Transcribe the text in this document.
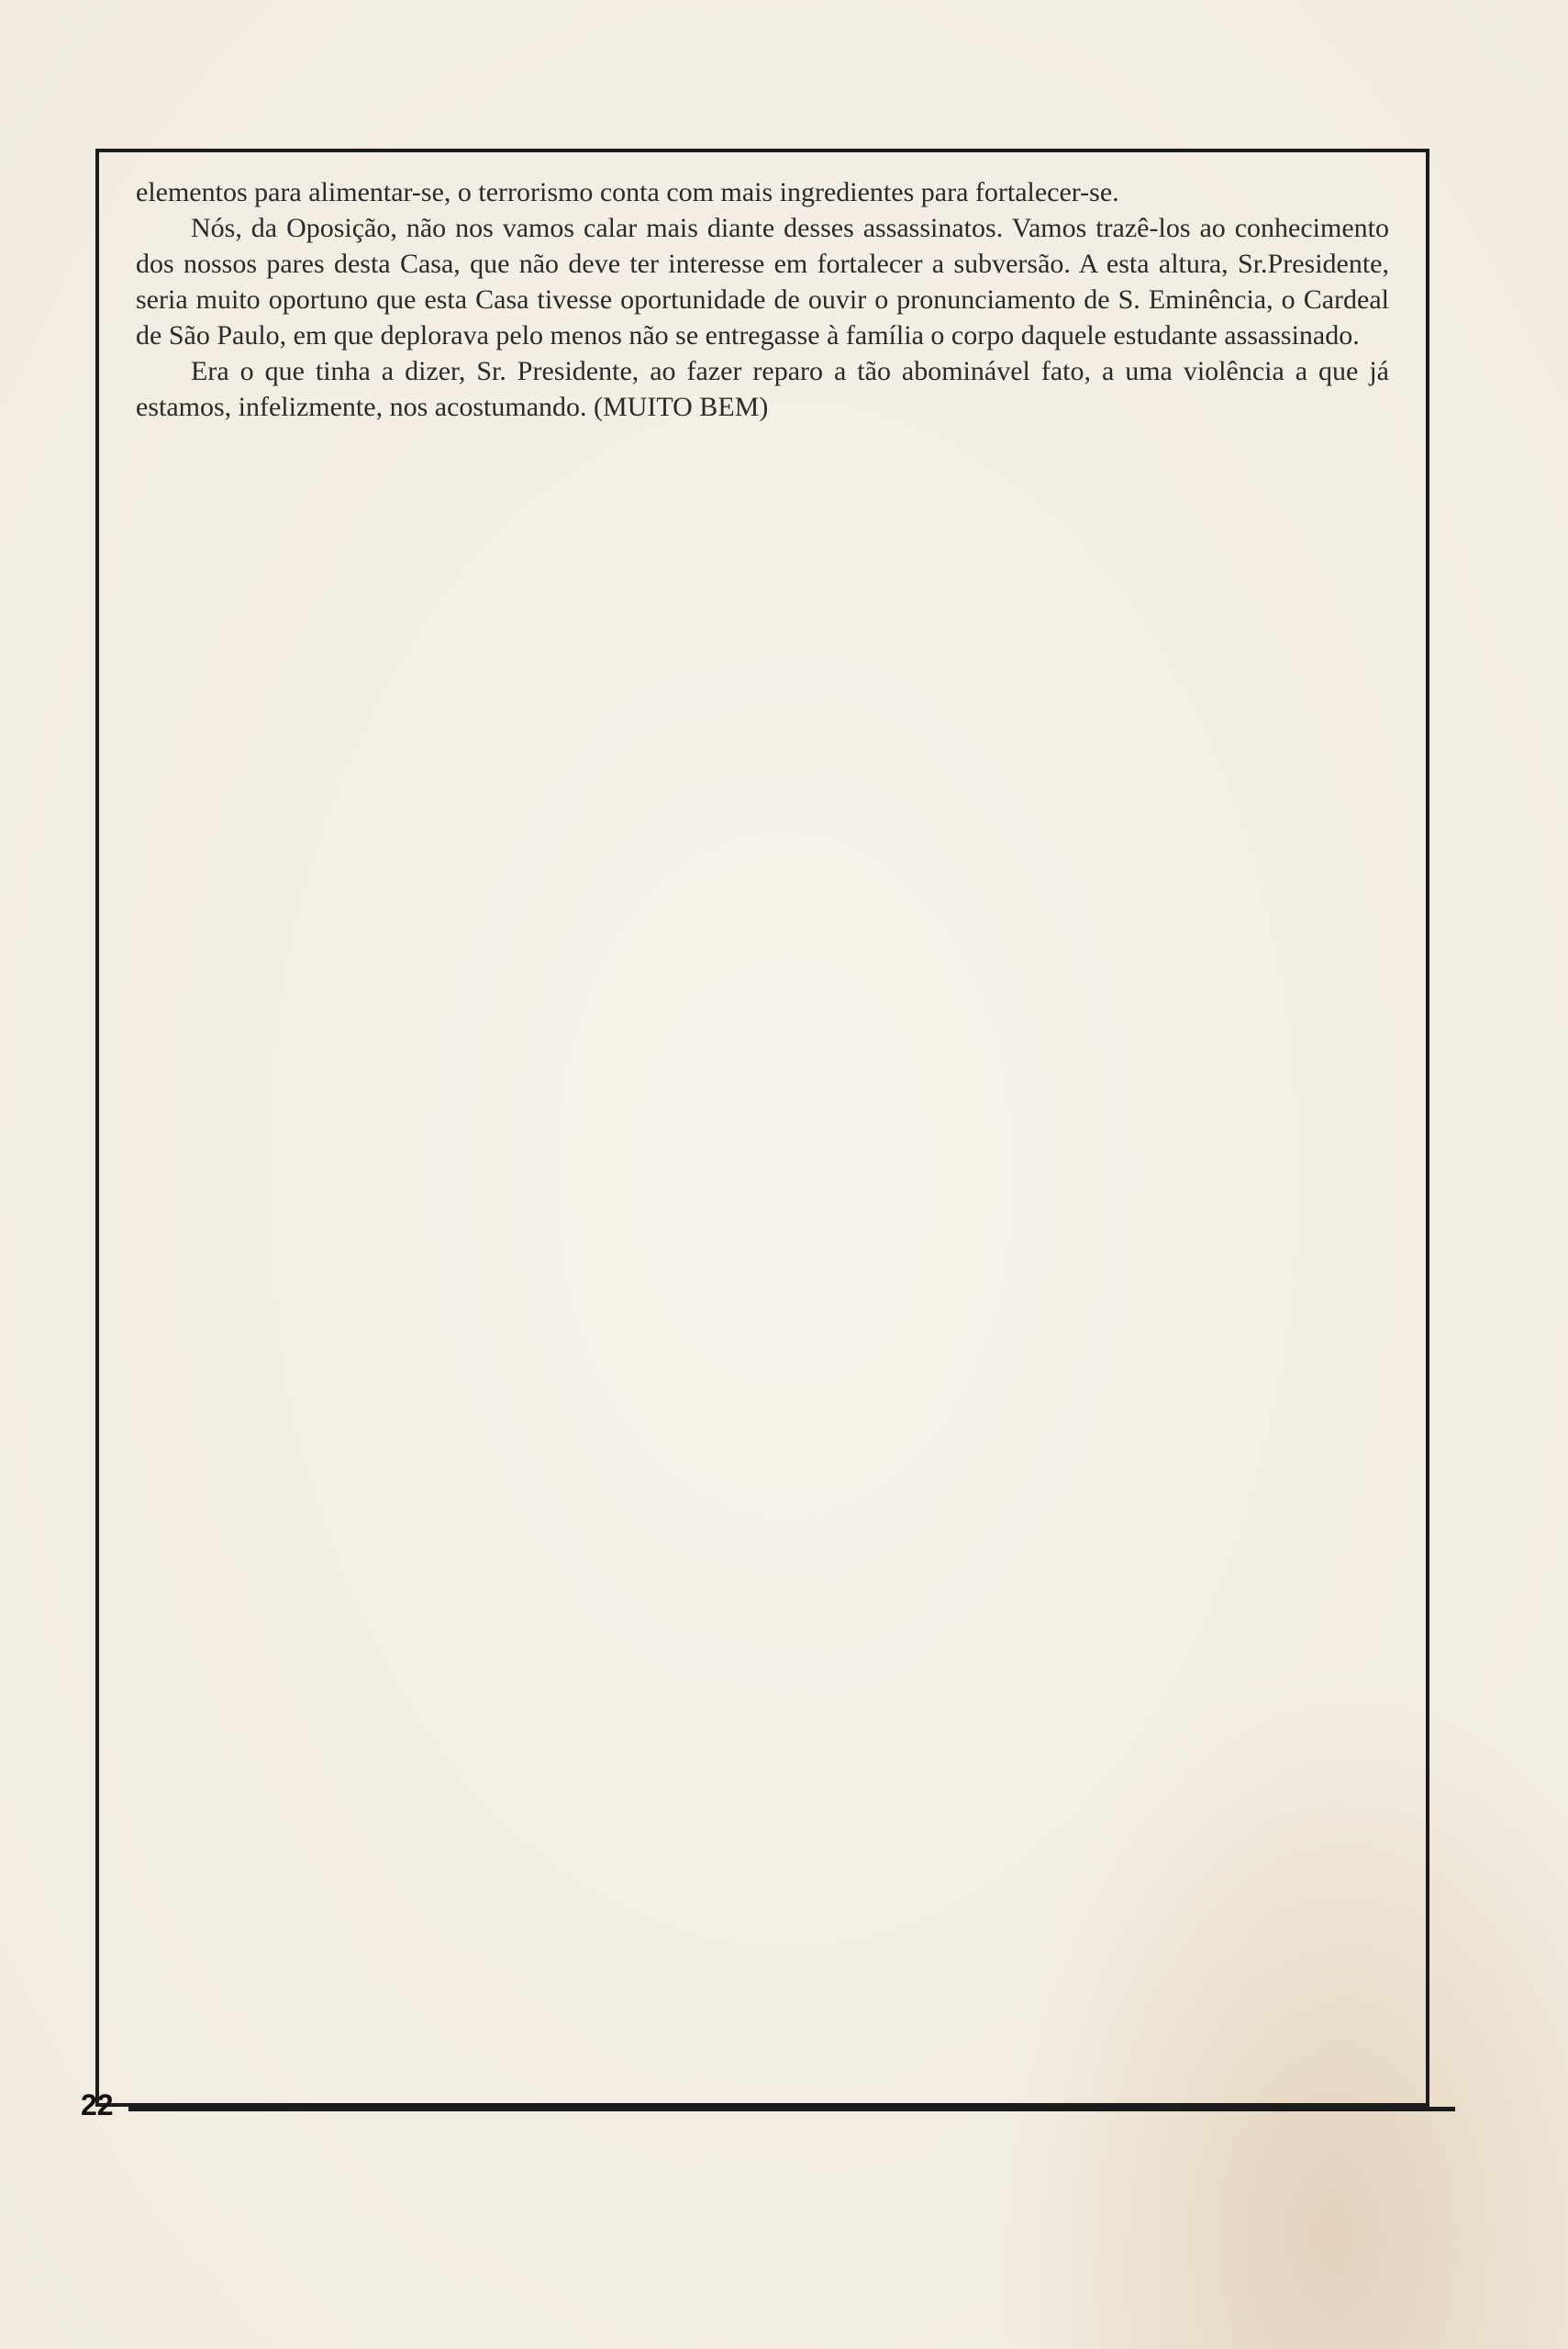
22

elementos para alimentar-se, o terrorismo conta com mais ingredientes para fortalecer-se.

Nós, da Oposição, não nos vamos calar mais diante desses assassinatos. Vamos trazê-los ao conhecimento dos nossos pares desta Casa, que não deve ter interesse em fortalecer a subversão. A esta altura, Sr.Presidente, seria muito oportuno que esta Casa tivesse oportunidade de ouvir o pronunciamento de S. Eminência, o Cardeal de São Paulo, em que deplorava pelo menos não se entregasse à família o corpo daquele estudante assassinado.

Era o que tinha a dizer, Sr. Presidente, ao fazer reparo a tão abominável fato, a uma violência a que já estamos, infelizmente, nos acostumando. (MUITO BEM)
